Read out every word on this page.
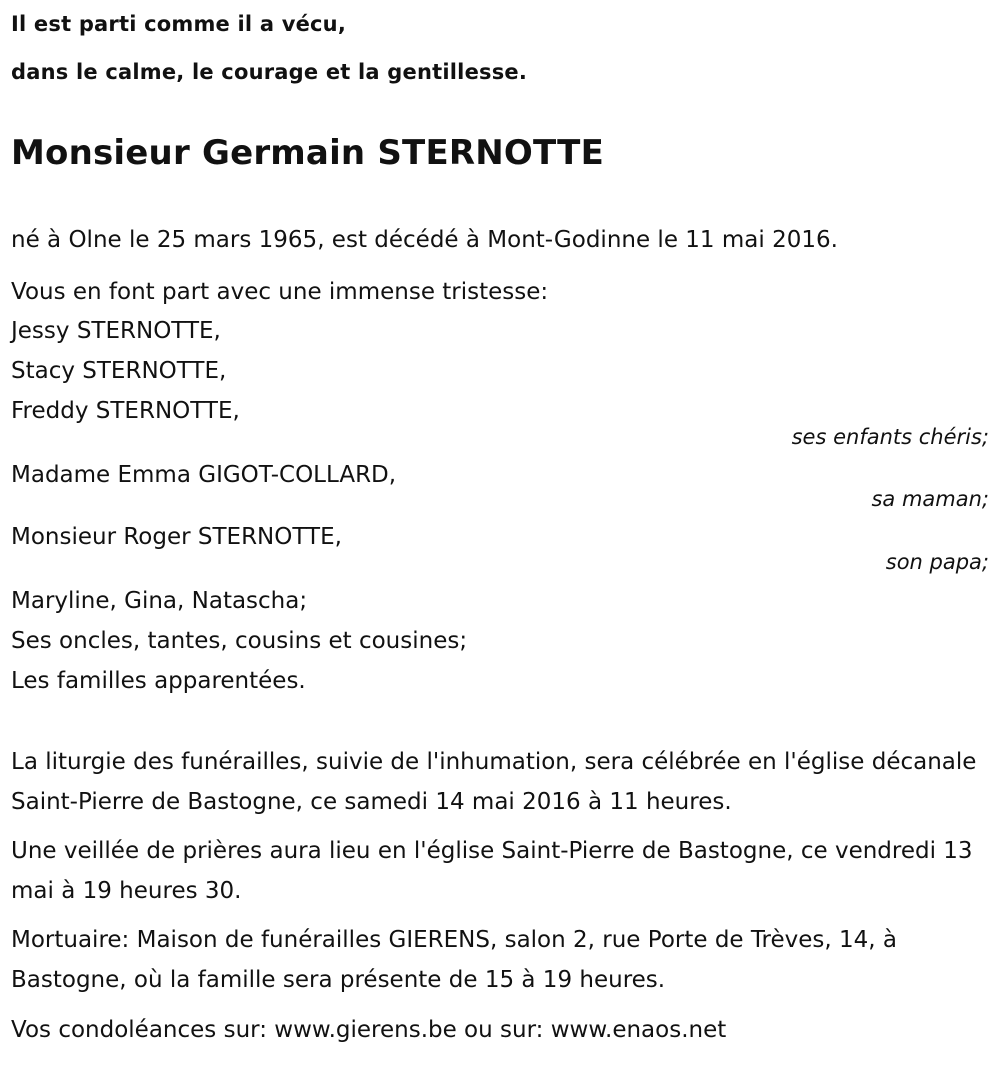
Il est parti comme il a vécu,

dans le calme, le courage et la gentillesse.

Monsieur Germain STERNOTTE

né à Olne le 25 mars 1965, est décédé à Mont-Godinne le 11 mai 2016.

Vous en font part avec une immense tristesse:

Jessy STERNOTTE,

Stacy STERNOTTE,

Freddy STERNOTTE,

ses enfants chéris;

Madame Emma GIGOT-COLLARD,

sa maman;

Monsieur Roger STERNOTTE,

son papa;

Maryline, Gina, Natascha;

Ses oncles, tantes, cousins et cousines;

Les familles apparentées.

La liturgie des funérailles, suivie de l'inhumation, sera célébrée en l'église décanale Saint-Pierre de Bastogne, ce samedi 14 mai 2016 à 11 heures.

Une veillée de prières aura lieu en l'église Saint-Pierre de Bastogne, ce vendredi 13 mai à 19 heures 30.

Mortuaire: Maison de funérailles GIERENS, salon 2, rue Porte de Trèves, 14, à Bastogne, où la famille sera présente de 15 à 19 heures.

Vos condoléances sur: www.gierens.be ou sur: www.enaos.net
